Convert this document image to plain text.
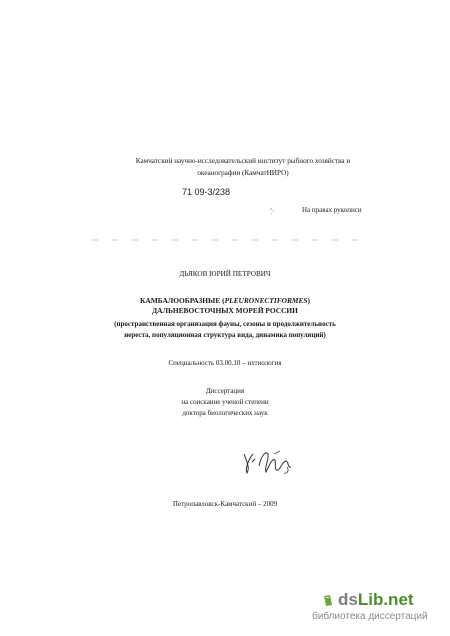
Камчатский научно-исследовательский институт рыбного хозяйства и океанографии (КамчатНИРО)
71 09-3/238
На правах рукописи
ДЬЯКОВ ЮРИЙ ПЕТРОВИЧ
КАМБАЛООБРАЗНЫЕ (PLEURONECTIFORMES)
ДАЛЬНЕВОСТОЧНЫХ МОРЕЙ РОССИИ
(пространственная организация фауны, сезоны и продолжительность
нереста, популяционная структура вида, динамика популяций)
Специальность 03.00.10 – ихтиология
Диссертация
на соискание ученой степени
доктора биологических наук
Петропавловск-Камчатский – 2009
dsLib.net
библиотека диссертаций
